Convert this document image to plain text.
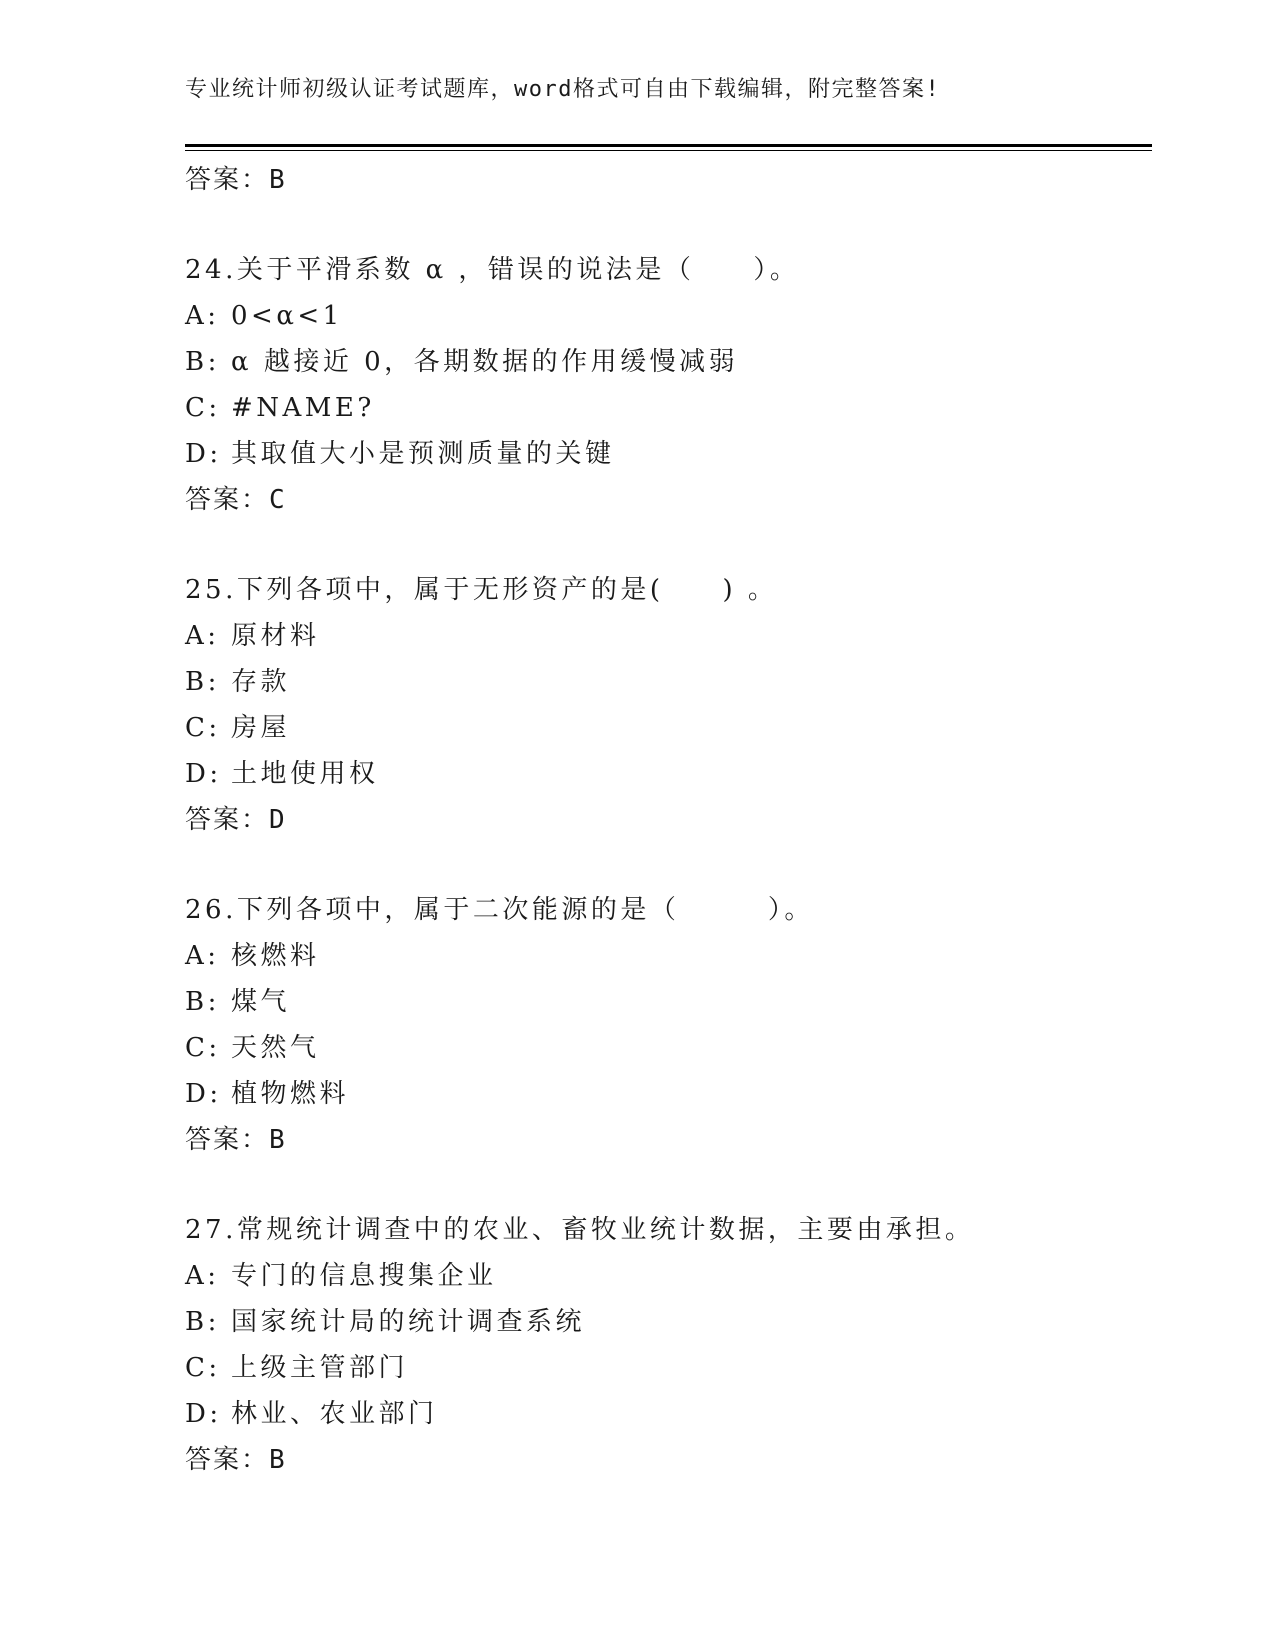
专业统计师初级认证考试题库，word格式可自由下载编辑，附完整答案!
答案：B
24.关于平滑系数 α ，错误的说法是（　　）。
A: 0<α<1
B: α 越接近 0，各期数据的作用缓慢减弱
C: #NAME?
D: 其取值大小是预测质量的关键
答案：C
25.下列各项中，属于无形资产的是(　　) 。
A: 原材料
B: 存款
C: 房屋
D: 土地使用权
答案：D
26.下列各项中，属于二次能源的是（　　　）。
A: 核燃料
B: 煤气
C: 天然气
D: 植物燃料
答案：B
27.常规统计调查中的农业、畜牧业统计数据，主要由承担。
A: 专门的信息搜集企业
B: 国家统计局的统计调查系统
C: 上级主管部门
D: 林业、农业部门
答案：B
